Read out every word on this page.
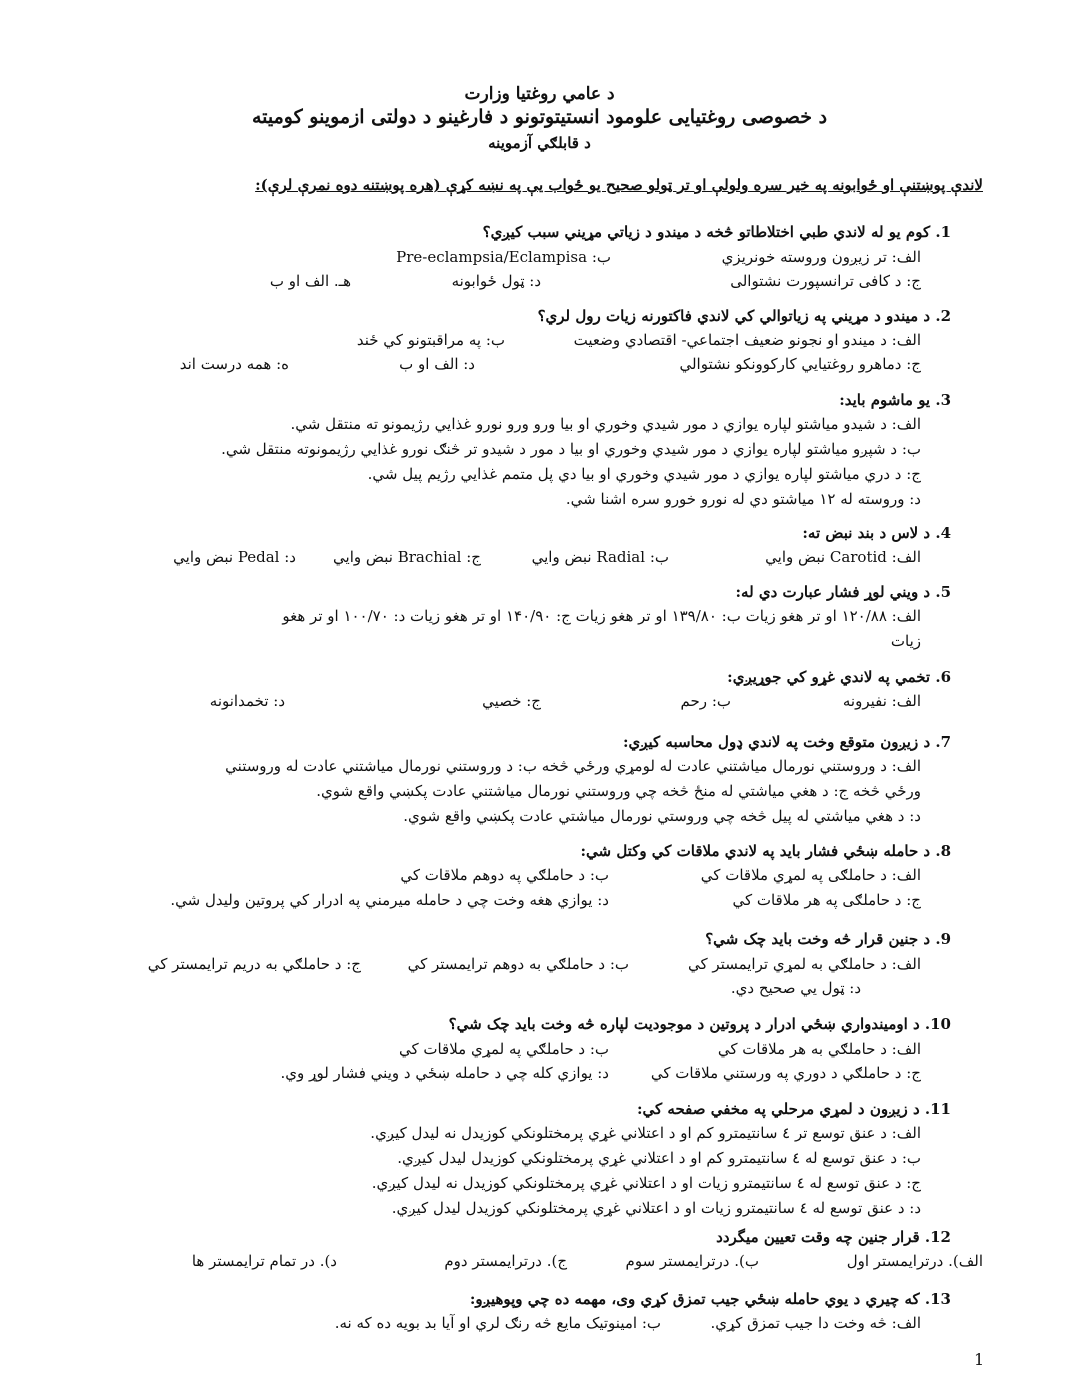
د عامي روغتيا وزارت
د خصوصی روغتیایی علومود انستيتوتونو د فارغينو د دولتی ازموینو کومیته
د قابلګي آزموینه
لاندې پوښتنې او ځوابونه په خير سره ولولې او تر ټولو صحيح یو ځواب یې په نښه کړې (هره پوښتنه دوه نمرې لرې):
1. کوم يو له لاندي طبي اختلاطاتو څخه د میندو د زیاتي مړيني سبب کيږي؟
الف: تر زيږون وروسته خونريزي
ب: Pre-eclampsia/Eclampisa
ج: د کافی ترانسپورت نشتوالی
د: ټول ځوابونه
هـ. الف او ب
2. د ميندو د مړيني په زياتوالي کي لاندي فاکتورنه زيات رول لري؟
الف: د ميندو او نجونو ضعيف اجتماعي- اقتصادي وضعيت
ب: په مراقبتونو کي ځند
ج: دماهرو روغتيايي کارکوونکو نشتوالي
د: الف او ب
ه: همه درست اند
3. يو ماشوم بايد:
الف: د شيدو مياشتو لپاره يوازي د مور شيدي وخوري او بيا ورو ورو نورو غذايي رژيمونو ته منتقل شي.
ب: د شپږو مياشتو لپاره يوازي د مور شيدي وخوري او بيا د مور د شيدو تر څنګ نورو غذايي رژيمونوته منتقل شي.
ج: د دري مياشتو لپاره يوازي د مور شيدي وخوري او بيا دي پل متمم غذايي رژيم پيل شي.
د: وروسته له ۱۲ مياشتو دي له نورو خورو سره اشنا شي.
4. د لاس د بند نبض ته:
الف: Carotid نبض وايي
ب: Radial نبض وايي
ج: Brachial نبض وايي
د: Pedal نبض وايي
5. د ويني لوړ فشار عبارت دي له:
الف: ۱۲۰/۸۸ او تر هغو زيات ب: ۱۳۹/۸۰ او تر هغو زيات ج: ۱۴۰/۹۰ او تر هغو زيات د: ۱۰۰/۷۰ او تر هغو
زيات
6. تخمي په لاندي غړو کي جوړيږي:
الف: نفيرونه
ب: رحم
ج: خصيي
د: تخمدانونه
7. د زيږون متوقع وخت په لاندي ډول محاسبه کيږي:
الف: د وروستني نورمال مياشتني عادت له لومړي ورځي څخه ب: د وروستني نورمال مياشتني عادت له وروستني
ورځي څخه ج: د هغي مياشتي له منځ څخه چي وروستني نورمال مياشتني عادت پکښي واقع شوي.
د: د هغي مياشتي له پيل څخه چي وروستي نورمال مياشتي عادت پکښي واقع شوي.
8. د حامله ښځي فشار بايد په لاندي ملاقات کي وکتل شي:
الف: د حاملګی په لمړي ملاقات کي
ب: د حاملګي په دوهم ملاقات کي
ج: د حاملګی په هر ملاقات کي
د: يوازي هغه وخت چي د حامله ميرمني په ادرار کي پروتين وليدل شي.
9. د جنين قرار څه وخت بايد چک شي؟
الف: د حاملګي به لمړي ترايمستر کي
ب: د حاملګي به دوهم ترايمستر کي
ج: د حاملګي به دريم ترايمستر کي
د: ټول يي صحيح دي.
10. د اوميندواري ښځي ادرار د پروتين د موجوديت لپاره څه وخت بايد چک شي؟
الف: د حاملګي به هر ملاقات کي
ب: د حاملګي په لمړي ملاقات کي
ج: د حاملګي د دوري په ورستني ملاقات کي
د: يوازي کله چي د حامله ښځي د ويني فشار لوړ وي.
11. د زيږون د لمړي مرحلي په مخفي صفحه کي:
الف: د عنق توسع تر ٤ سانتيمترو کم او د اعتلاني غړي پرمختلونکي کوزيدل نه ليدل کيږي.
ب: د عنق توسع له ٤ سانتيمترو کم او د اعتلاني غړي پرمختلونکي کوزيدل ليدل کيږي.
ج: د عنق توسع له ٤ سانتيمترو زيات او د اعتلاني غړي پرمختلونکي کوزيدل نه ليدل کيږي.
د: د عنق توسع له ٤ سانتيمترو زيات او د اعتلاني غړي پرمختلونکي کوزيدل ليدل کيږي.
12. قرار جنين چه وقت تعيين ميگردد
الف). درترايمستر اول
ب). درترايمستر سوم
ج). درترايمستر دوم
د). در تمام ترايمستر ها
13. که چيري د يوي حامله ښځي جيب تمزق کړي وی، مهمه ده چي وپوهيږو:
الف: څه وخت دا جيب تمزق کړي.
ب: امينوتيک مايع څه رنګ لري او آيا بد بويه ده که نه.
1
